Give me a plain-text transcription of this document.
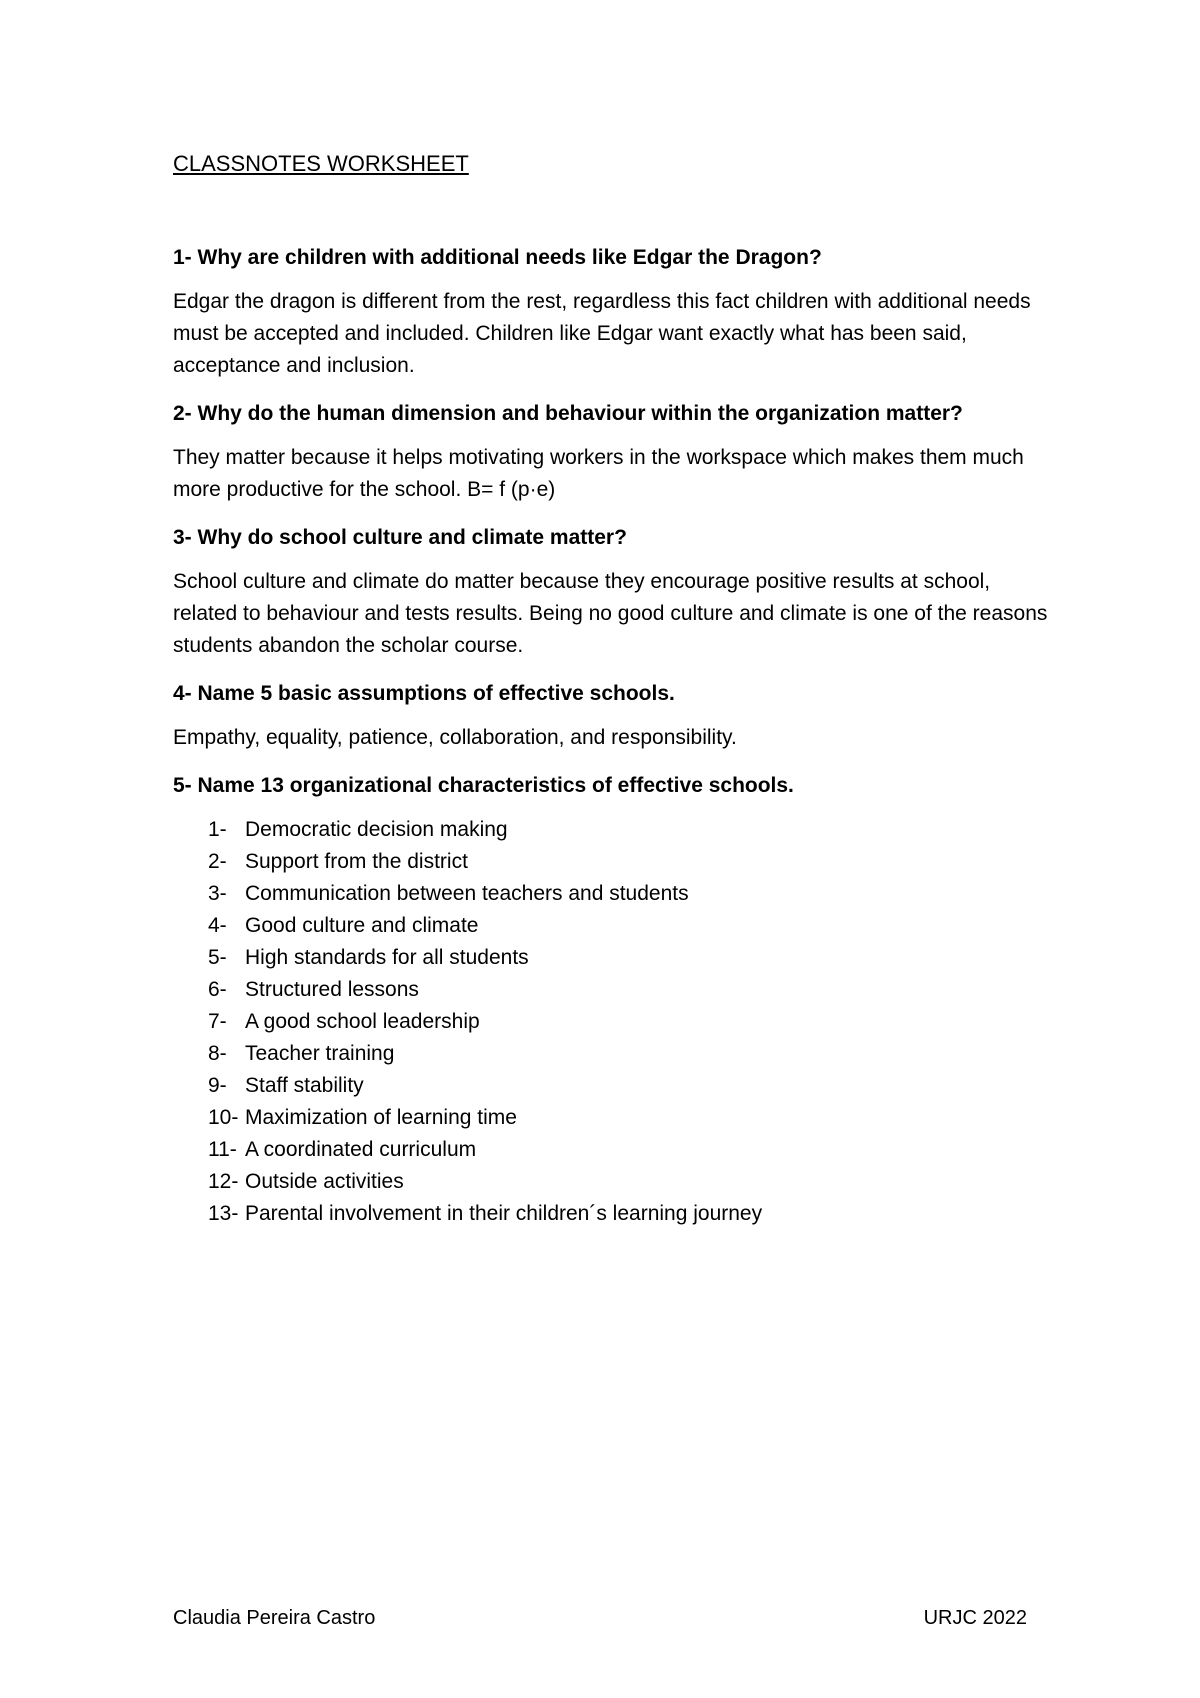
CLASSNOTES WORKSHEET

1- Why are children with additional needs like Edgar the Dragon?

Edgar the dragon is different from the rest, regardless this fact children with additional needs must be accepted and included. Children like Edgar want exactly what has been said, acceptance and inclusion.

2- Why do the human dimension and behaviour within the organization matter?

They matter because it helps motivating workers in the workspace which makes them much more productive for the school. B= f (p·e)

3- Why do school culture and climate matter?

School culture and climate do matter because they encourage positive results at school, related to behaviour and tests results. Being no good culture and climate is one of the reasons students abandon the scholar course.

4- Name 5 basic assumptions of effective schools.

Empathy, equality, patience, collaboration, and responsibility.

5- Name 13 organizational characteristics of effective schools.

1- Democratic decision making
2- Support from the district
3- Communication between teachers and students
4- Good culture and climate
5- High standards for all students
6- Structured lessons
7- A good school leadership
8- Teacher training
9- Staff stability
10- Maximization of learning time
11- A coordinated curriculum
12- Outside activities
13- Parental involvement in their children´s learning journey
Claudia Pereira Castro	URJC 2022
